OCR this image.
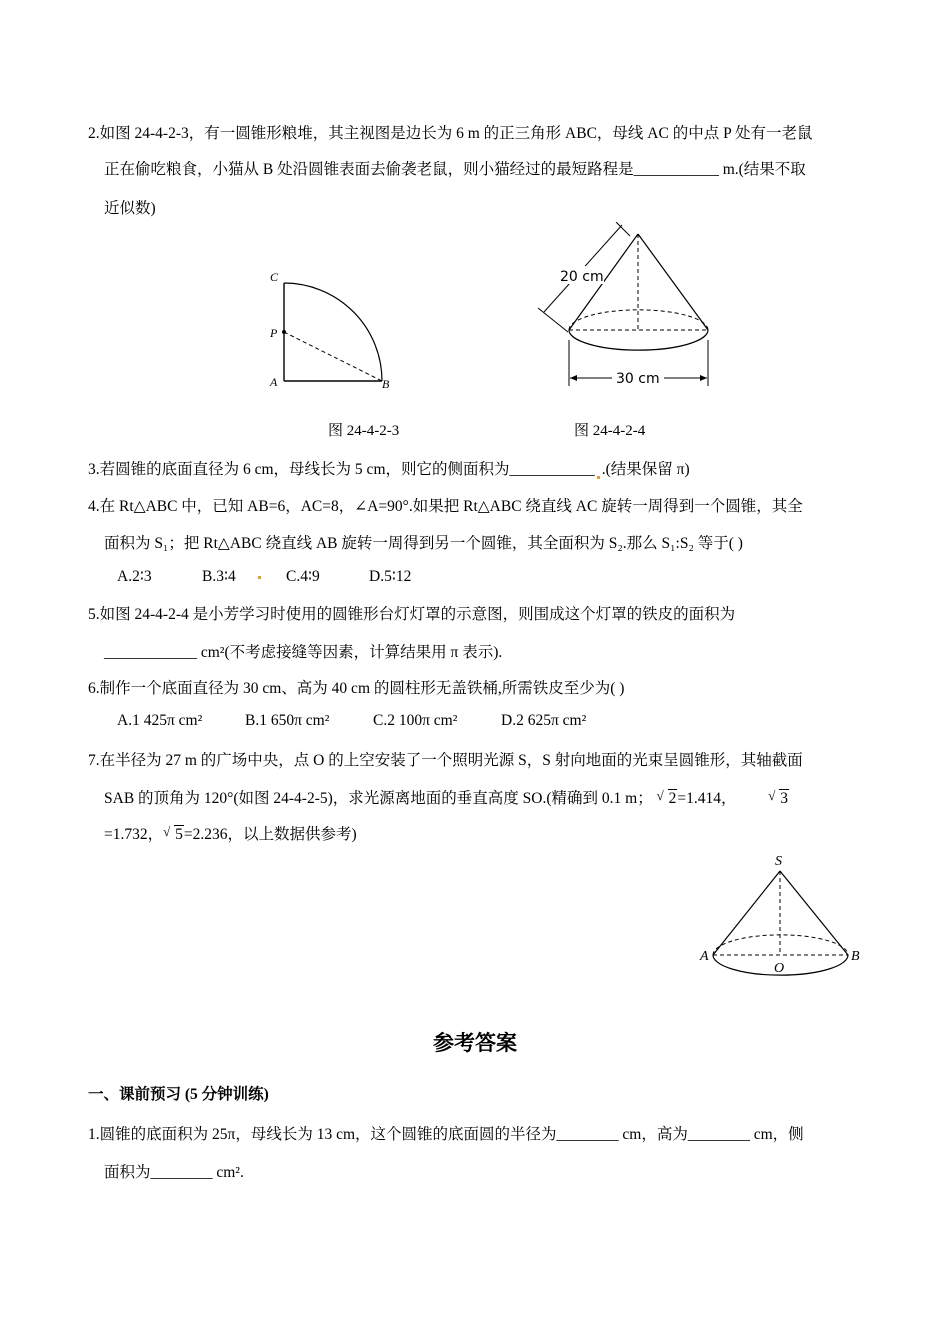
2.如图 24-4-2-3，有一圆锥形粮堆，其主视图是边长为 6 m 的正三角形 ABC，母线 AC 的中点 P 处有一老鼠
正在偷吃粮食，小猫从 B 处沿圆锥表面去偷袭老鼠，则小猫经过的最短路程是___________ m.(结果不取
近似数)
C
P
A	B
图 24-4-2-3
20 cm
30 cm
图 24-4-2-4
3.若圆锥的底面直径为 6 cm，母线长为 5 cm，则它的侧面积为___________ .(结果保留 π)
4.在 Rt△ABC 中，已知 AB=6，AC=8，∠A=90°.如果把 Rt△ABC 绕直线 AC 旋转一周得到一个圆锥，其全
面积为 S₁；把 Rt△ABC 绕直线 AB 旋转一周得到另一个圆锥，其全面积为 S₂.那么 S₁:S₂ 等于( )
A.2∶3	B.3∶4	C.4∶9	D.5∶12
5.如图 24-4-2-4 是小芳学习时使用的圆锥形台灯灯罩的示意图，则围成这个灯罩的铁皮的面积为
____________ cm²(不考虑接缝等因素，计算结果用 π 表示).
6.制作一个底面直径为 30 cm、高为 40 cm 的圆柱形无盖铁桶,所需铁皮至少为( )
A.1 425π cm²	B.1 650π cm²	C.2 100π cm²	D.2 625π cm²
7.在半径为 27 m 的广场中央，点 O 的上空安装了一个照明光源 S，S 射向地面的光束呈圆锥形，其轴截面
SAB 的顶角为 120°(如图 24-4-2-5)，求光源离地面的垂直高度 SO.(精确到 0.1 m； √ 2=1.414， √ 3
=1.732， √ 5=2.236，以上数据供参考)
S
A
O
B
参考答案
一、课前预习 (5 分钟训练)
1.圆锥的底面积为 25π，母线长为 13 cm，这个圆锥的底面圆的半径为________ cm，高为________ cm，侧
面积为________ cm².
